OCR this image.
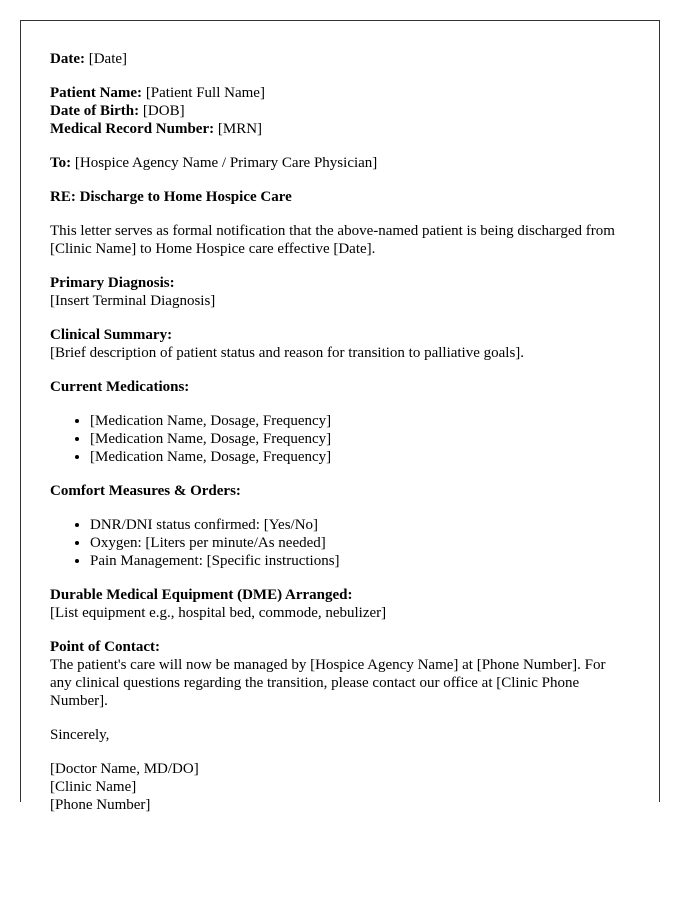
Date: [Date]

Patient Name: [Patient Full Name]
Date of Birth: [DOB]
Medical Record Number: [MRN]

To: [Hospice Agency Name / Primary Care Physician]

RE: Discharge to Home Hospice Care

This letter serves as formal notification that the above-named patient is being discharged from [Clinic Name] to Home Hospice care effective [Date].

Primary Diagnosis:
[Insert Terminal Diagnosis]
Clinical Summary:
[Brief description of patient status and reason for transition to palliative goals].

Current Medications:

• [Medication Name, Dosage, Frequency]
• [Medication Name, Dosage, Frequency]
• [Medication Name, Dosage, Frequency]

Comfort Measures & Orders:

• DNR/DNI status confirmed: [Yes/No]
• Oxygen: [Liters per minute/As needed]
• Pain Management: [Specific instructions]
Durable Medical Equipment (DME) Arranged:
[List equipment e.g., hospital bed, commode, nebulizer]
Point of Contact:
The patient's care will now be managed by [Hospice Agency Name] at [Phone Number]. For any clinical questions regarding the transition, please contact our office at [Clinic Phone Number].

Sincerely,

[Doctor Name, MD/DO]
[Clinic Name]
[Phone Number]
